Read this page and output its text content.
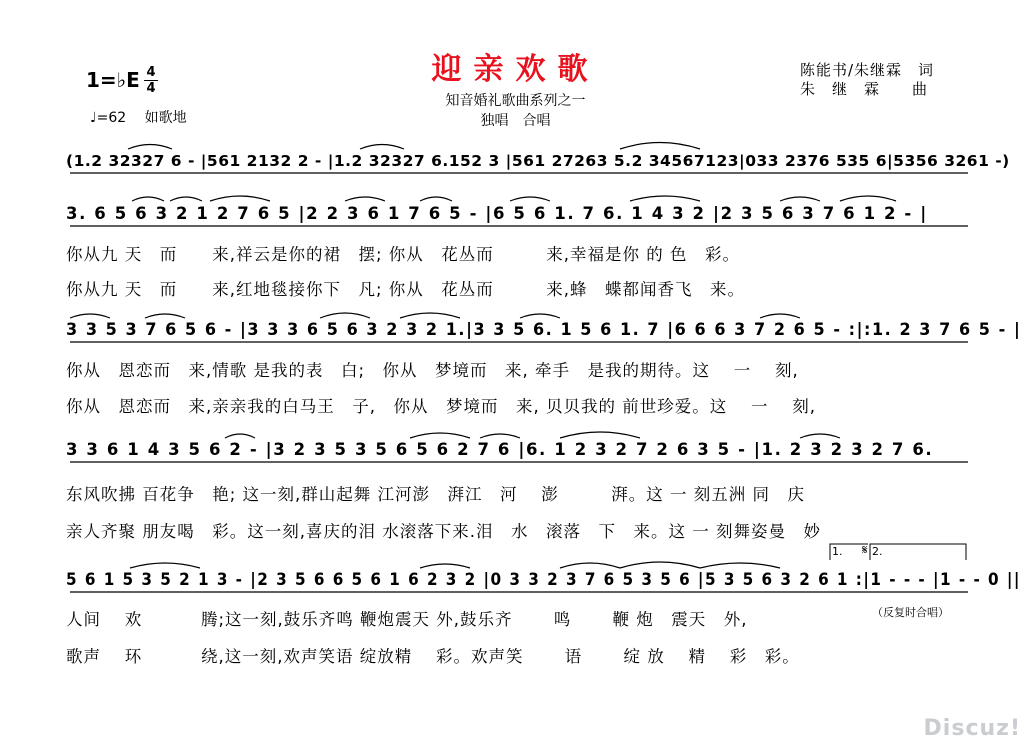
迎亲欢歌
知音婚礼歌曲系列之一
独唱　合唱
1=♭E 4
4
♩=62　 如歌地
陈能书/朱继霖　词
朱　继　霖　　曲
(1.2 32327 6 - |561 2132 2 - |1.2 32327 6.152 3 |561 27263 5.2 34567123|033 2376 535 6|5356 3261 -)
3. 6 5 6 3 2 1 2 7 6 5 |2 2 3 6 1 7 6 5 - |6 5 6 1. 7 6. 1 4 3 2 |2 3 5 6 3 7 6 1 2 - |
你从九 天　而　　来,祥云是你的裙　摆; 你从　花丛而　　　来,幸福是你 的 色　彩。
你从九 天　而　　来,红地毯接你下　凡; 你从　花丛而　　　来,蜂　蝶都闻香飞　来。
3 3 5 3 7 6 5 6 - |3 3 3 6 5 6 3 2 3 2 1.|3 3 5 6. 1 5 6 1. 7 |6 6 6 3 7 2 6 5 - :|:1. 2 3 7 6 5 - |
你从　恩恋而　来,情歌 是我的表　白;　你从　梦境而　来, 牵手　是我的期待。这　 一　 刻,
你从　恩恋而　来,亲亲我的白马王　子,　你从　梦境而　来, 贝贝我的 前世珍爱。这　 一　 刻,
3 3 6 1 4 3 5 6 2 - |3 2 3 5 3 5 6 5 6 2 7 6 |6. 1 2 3 2 7 2 6 3 5 - |1. 2 3 2 3 2 7 6.
东风吹拂 百花争　艳; 这一刻,群山起舞 江河澎　湃江　河　 澎　　　湃。这 一 刻五洲 同　庆
亲人齐聚 朋友喝　彩。这一刻,喜庆的泪 水滚落下来.泪　水　滚落　下　来。这 一 刻舞姿曼　妙
5 6 1 5 3 5 2 1 3 - |2 3 5 6 6 5 6 1 6 2 3 2 |0 3 3 2 3 7 6 5 3 5 6 |5 3 5 6 3 2 6 1 :|1 - - - |1 - - 0 ||
人间　 欢　　　 腾;这一刻,鼓乐齐鸣 鞭炮震天 外,鼓乐齐　　 鸣　　 鞭 炮　震天　外,
歌声　 环　　　 绕,这一刻,欢声笑语 绽放精　 彩。欢声笑　　 语　　 绽 放　 精　 彩　彩。
（反复时合唱）
1.	2.
𝄋
Discuz!
